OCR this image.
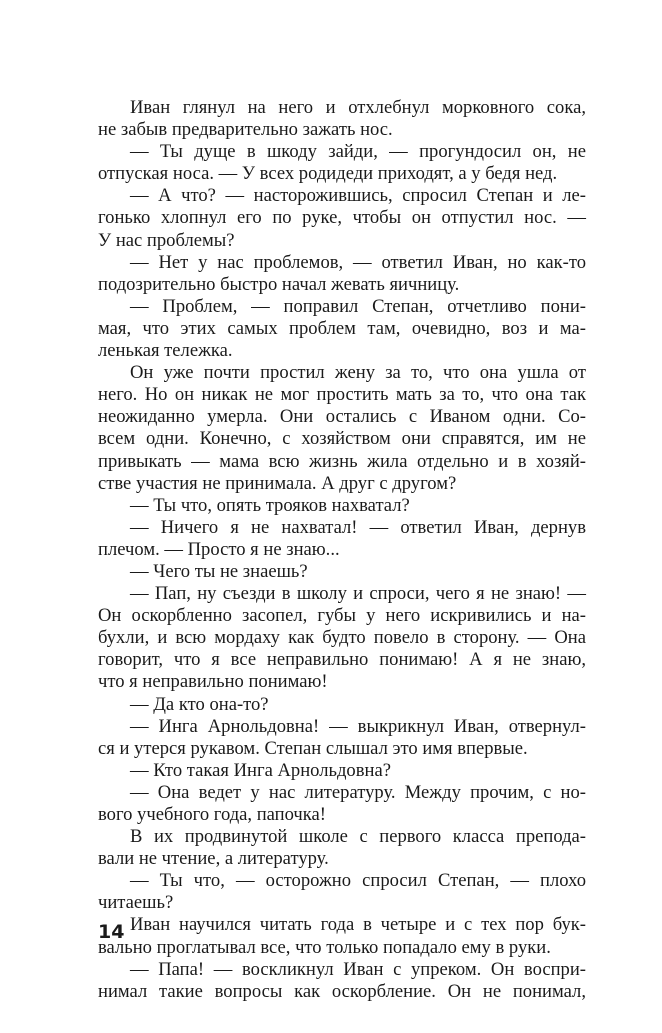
Иван глянул на него и отхлебнул морковного сока,
не забыв предварительно зажать нос.
— Ты дуще в шкоду зайди, — прогундосил он, не
отпуская носа. — У всех родидеди приходят, а у бедя нед.
— А что? — насторожившись, спросил Степан и ле-
гонько хлопнул его по руке, чтобы он отпустил нос. —
У нас проблемы?
— Нет у нас проблемов, — ответил Иван, но как-то
подозрительно быстро начал жевать яичницу.
— Проблем, — поправил Степан, отчетливо пони-
мая, что этих самых проблем там, очевидно, воз и ма-
ленькая тележка.
Он уже почти простил жену за то, что она ушла от
него. Но он никак не мог простить мать за то, что она так
неожиданно умерла. Они остались с Иваном одни. Со-
всем одни. Конечно, с хозяйством они справятся, им не
привыкать — мама всю жизнь жила отдельно и в хозяй-
стве участия не принимала. А друг с другом?
— Ты что, опять трояков нахватал?
— Ничего я не нахватал! — ответил Иван, дернув
плечом. — Просто я не знаю...
— Чего ты не знаешь?
— Пап, ну съезди в школу и спроси, чего я не знаю! —
Он оскорбленно засопел, губы у него искривились и на-
бухли, и всю мордаху как будто повело в сторону. — Она
говорит, что я все неправильно понимаю! А я не знаю,
что я неправильно понимаю!
— Да кто она-то?
— Инга Арнольдовна! — выкрикнул Иван, отвернул-
ся и утерся рукавом. Степан слышал это имя впервые.
— Кто такая Инга Арнольдовна?
— Она ведет у нас литературу. Между прочим, с но-
вого учебного года, папочка!
В их продвинутой школе с первого класса препода-
вали не чтение, а литературу.
— Ты что, — осторожно спросил Степан, — плохо
читаешь?
Иван научился читать года в четыре и с тех пор бук-
вально проглатывал все, что только попадало ему в руки.
— Папа! — воскликнул Иван с упреком. Он воспри-
нимал такие вопросы как оскорбление. Он не понимал,
14
